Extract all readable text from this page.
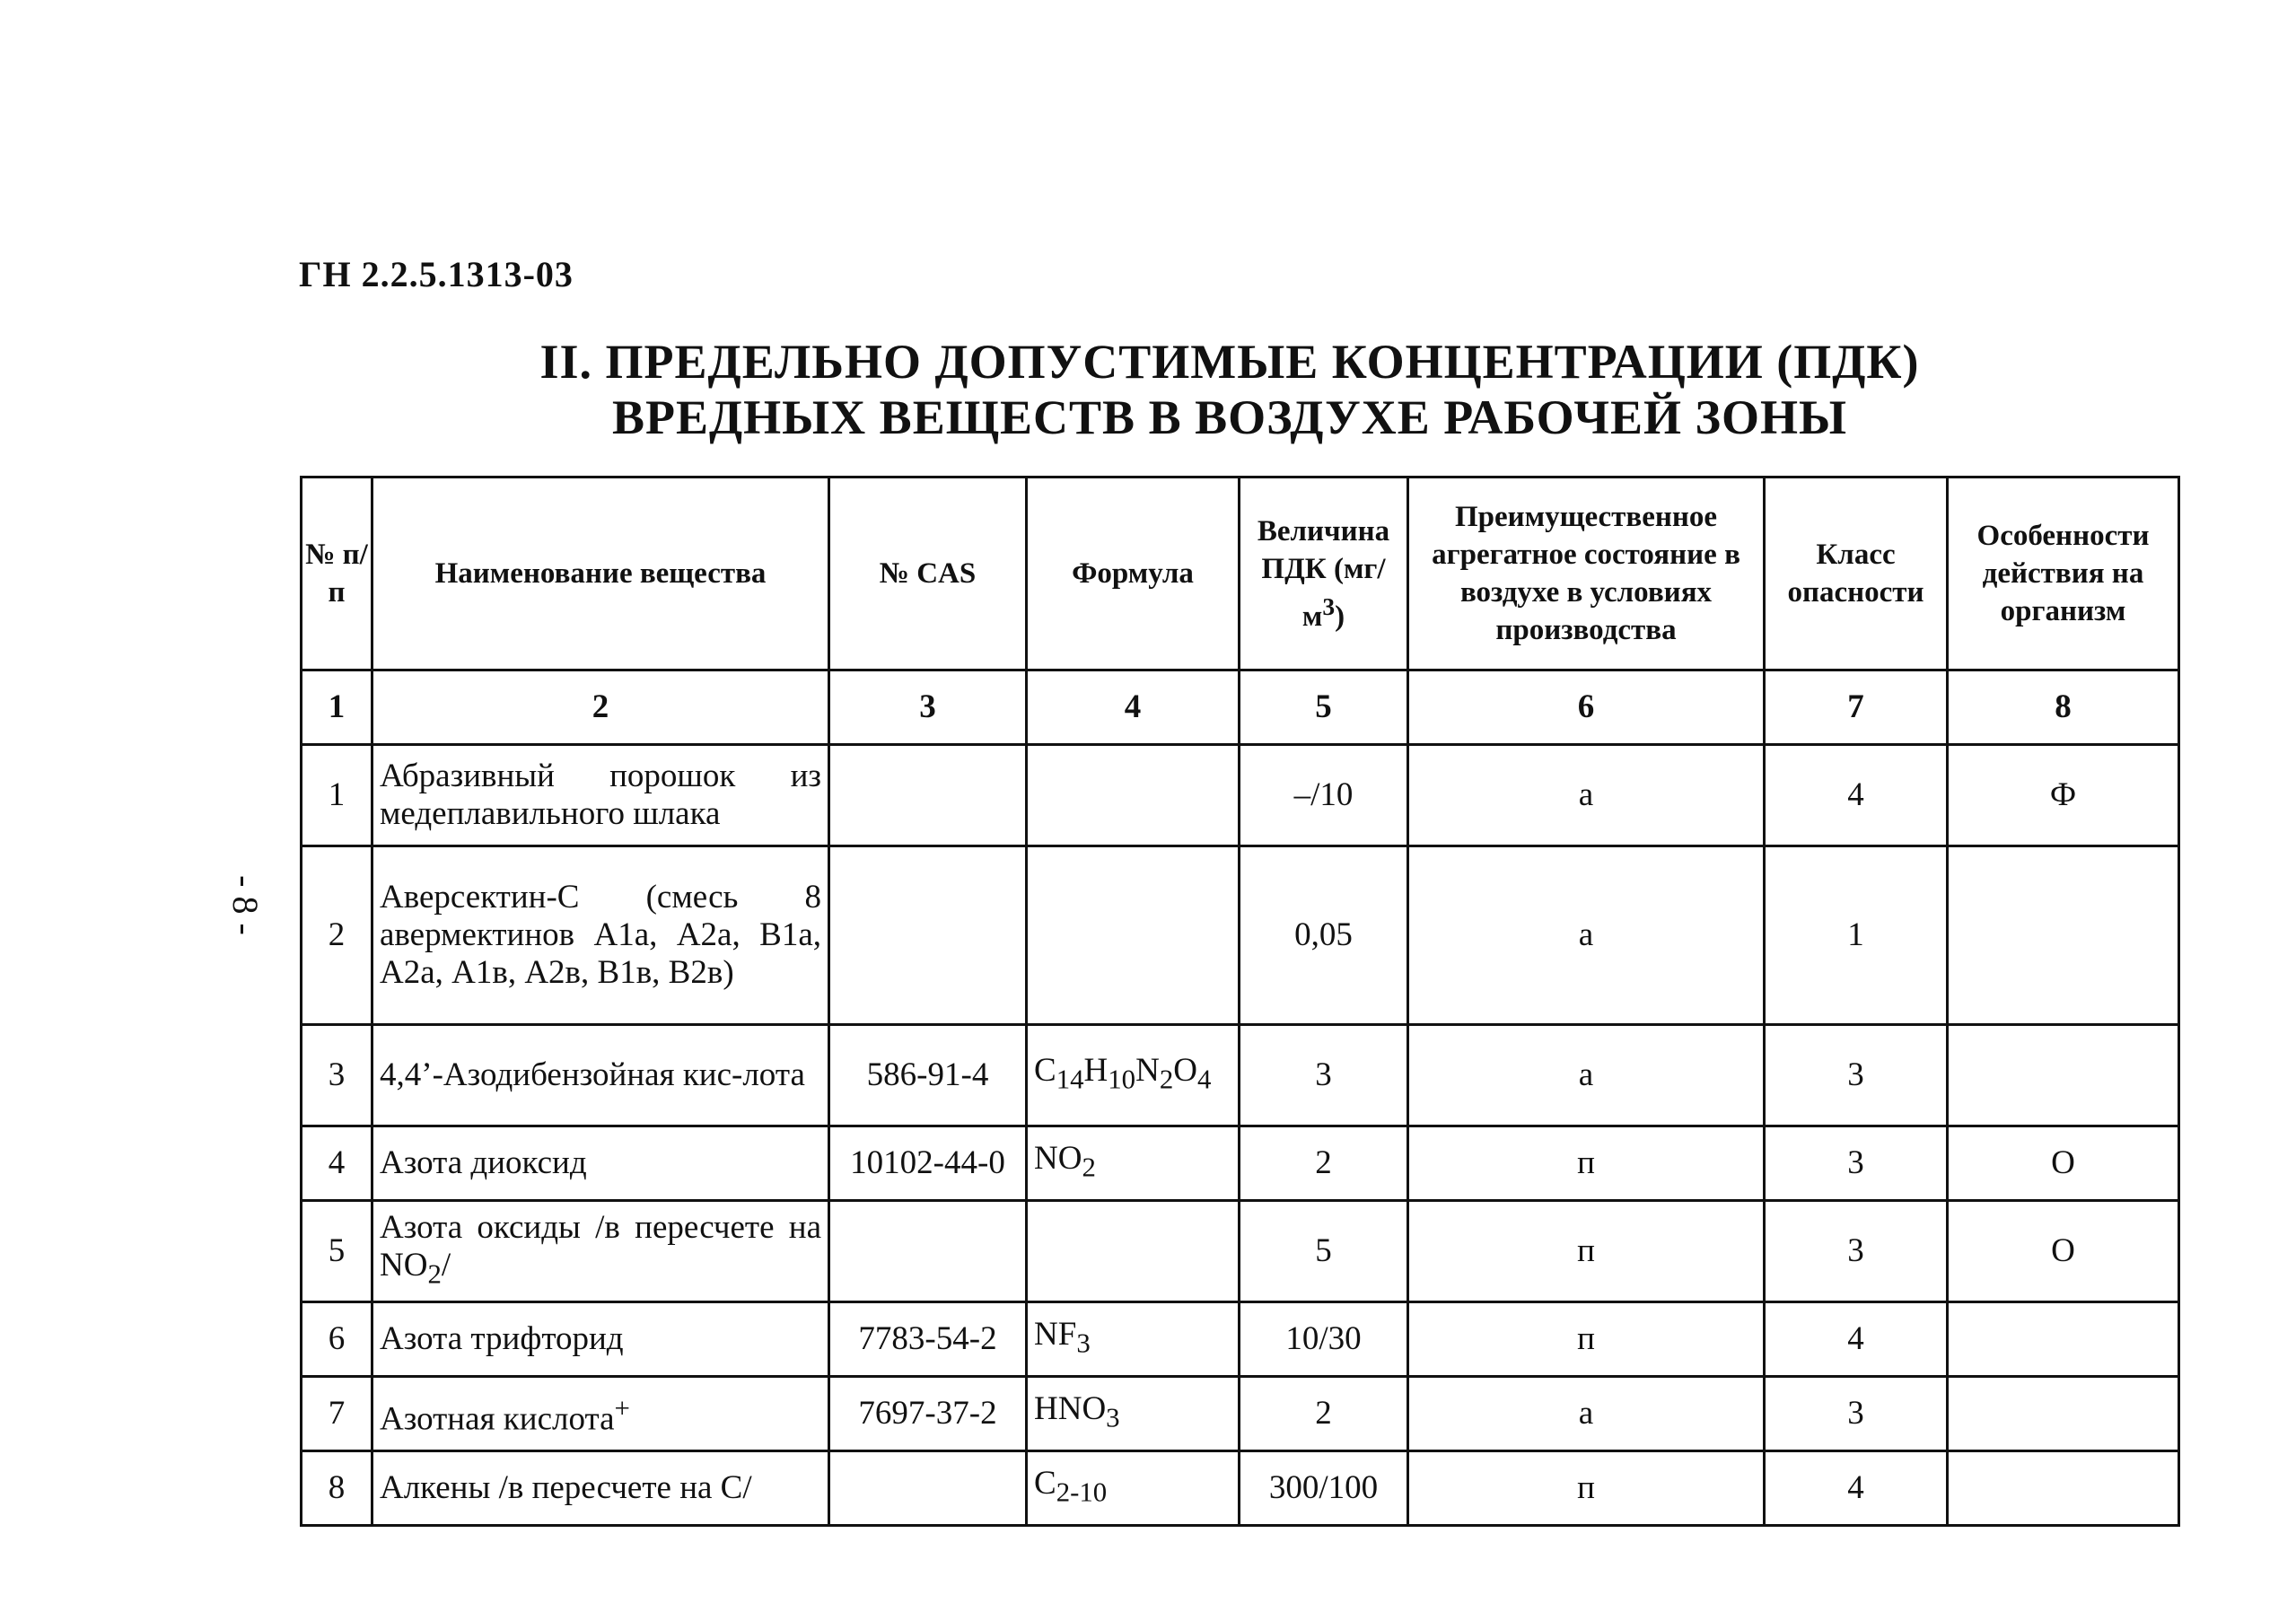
ГН 2.2.5.1313-03
II. ПРЕДЕЛЬНО ДОПУСТИМЫЕ КОНЦЕНТРАЦИИ (ПДК)
ВРЕДНЫХ ВЕЩЕСТВ В ВОЗДУХЕ РАБОЧЕЙ ЗОНЫ
- 8 -
№ п/п	Наименование вещества	№ CAS	Формула	Величина ПДК $(мг/м^3)$	Преимущественное агрегатное состояние в воздухе в условиях производства	Класс опасности	Особенности действия на организм
1	2	3	4	5	6	7	8
1	Абразивный порошок из медеплавильного шлака			–/10	а	4	Ф
2	Аверсектин-С (смесь 8 авермектинов А1а, А2а, В1а, А2а, А1в, А2в, В1в, В2в)			0,05	а	1	
3	4,4’-Азодибензойная кис-лота	586-91-4	$C_{14}H_{10}N_2O_4$	3	а	3	
4	Азота диоксид	10102-44-0	$NO_2$	2	п	3	О
5	Азота оксиды /в пересчете на $NO_2/$			5	п	3	О
6	Азота трифторид	7783-54-2	$NF_3$	10/30	п	4	
7	Азотная кислота+	7697-37-2	$HNO_3$	2	а	3	
8	Алкены /в пересчете на С/		$C_{2-10}$	300/100	п	4	
